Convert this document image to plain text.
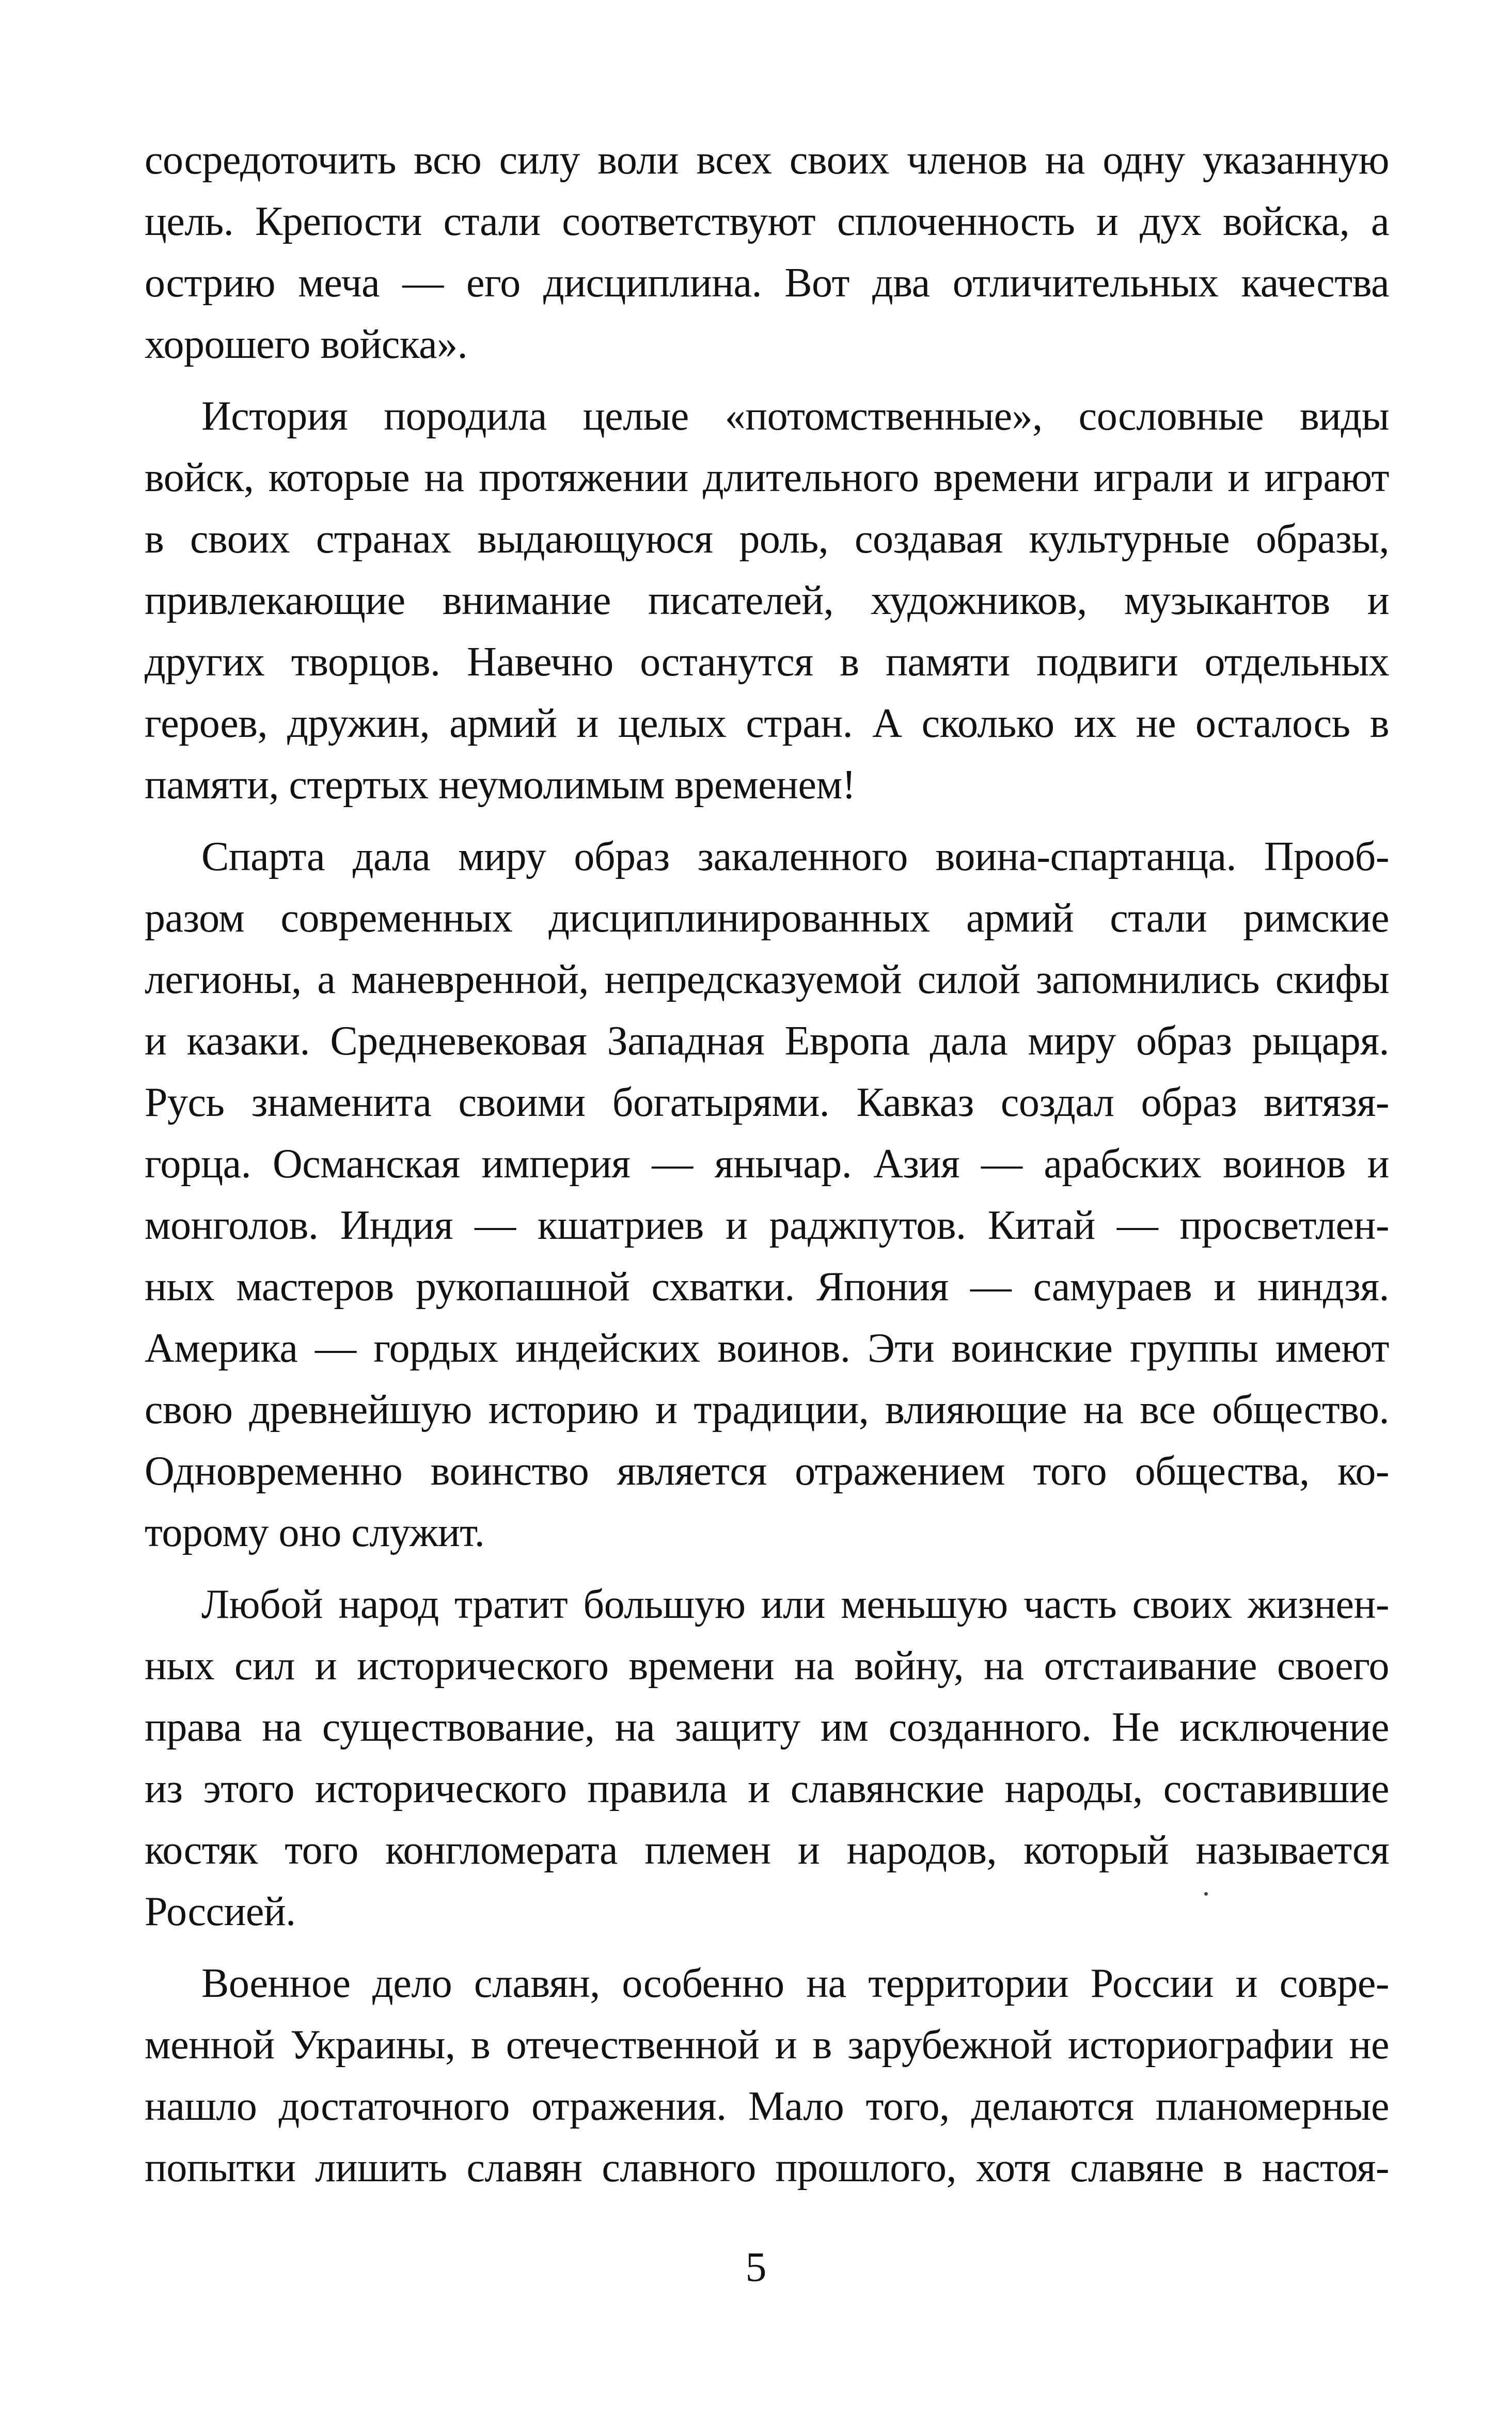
сосредоточить всю силу воли всех своих членов на одну указанную
цель. Крепости стали соответствуют сплоченность и дух войска, а
острию меча — его дисциплина. Вот два отличительных качества
хорошего войска».
История породила целые «потомственные», сословные виды
войск, которые на протяжении длительного времени играли и играют
в своих странах выдающуюся роль, создавая культурные образы,
привлекающие внимание писателей, художников, музыкантов и
других творцов. Навечно останутся в памяти подвиги отдельных
героев, дружин, армий и целых стран. А сколько их не осталось в
памяти, стертых неумолимым временем!
Спарта дала миру образ закаленного воина-спартанца. Прооб-
разом современных дисциплинированных армий стали римские
легионы, а маневренной, непредсказуемой силой запомнились скифы
и казаки. Средневековая Западная Европа дала миру образ рыцаря.
Русь знаменита своими богатырями. Кавказ создал образ витязя-
горца. Османская империя — янычар. Азия — арабских воинов и
монголов. Индия — кшатриев и раджпутов. Китай — просветлен-
ных мастеров рукопашной схватки. Япония — самураев и ниндзя.
Америка — гордых индейских воинов. Эти воинские группы имеют
свою древнейшую историю и традиции, влияющие на все общество.
Одновременно воинство является отражением того общества, ко-
торому оно служит.
Любой народ тратит большую или меньшую часть своих жизнен-
ных сил и исторического времени на войну, на отстаивание своего
права на существование, на защиту им созданного. Не исключение
из этого исторического правила и славянские народы, составившие
костяк того конгломерата племен и народов, который называется
Россией.
Военное дело славян, особенно на территории России и совре-
менной Украины, в отечественной и в зарубежной историографии не
нашло достаточного отражения. Мало того, делаются планомерные
попытки лишить славян славного прошлого, хотя славяне в настоя-
5
